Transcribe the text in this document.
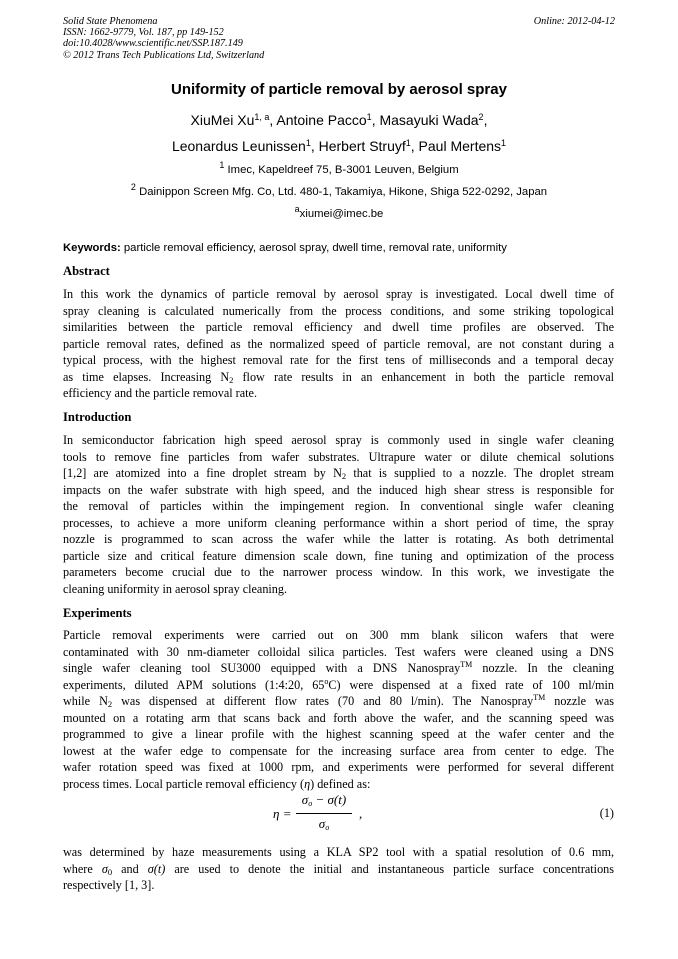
Solid State Phenomena
ISSN: 1662-9779, Vol. 187, pp 149-152
doi:10.4028/www.scientific.net/SSP.187.149
© 2012 Trans Tech Publications Ltd, Switzerland
Online: 2012-04-12
Uniformity of particle removal by aerosol spray
XiuMei Xu$^{1, a}$, Antoine Pacco$^1$, Masayuki Wada$^2$,
Leonardus Leunissen$^1$, Herbert Struyf$^1$, Paul Mertens$^1$
$^1$ Imec, Kapeldreef 75, B-3001 Leuven, Belgium
$^2$ Dainippon Screen Mfg. Co, Ltd. 480-1, Takamiya, Hikone, Shiga 522-0292, Japan
$^a$xiumei@imec.be
Keywords: particle removal efficiency, aerosol spray, dwell time, removal rate, uniformity
Abstract
In this work the dynamics of particle removal by aerosol spray is investigated. Local dwell time of
spray cleaning is calculated numerically from the process conditions, and some striking topological
similarities between the particle removal efficiency and dwell time profiles are observed. The
particle removal rates, defined as the normalized speed of particle removal, are not constant during a
typical process, with the highest removal rate for the first tens of milliseconds and a temporal decay
as time elapses. Increasing $N_2$ flow rate results in an enhancement in both the particle removal
efficiency and the particle removal rate.
Introduction
In semiconductor fabrication high speed aerosol spray is commonly used in single wafer cleaning
tools to remove fine particles from wafer substrates. Ultrapure water or dilute chemical solutions
[1,2] are atomized into a fine droplet stream by $N_2$ that is supplied to a nozzle. The droplet stream
impacts on the wafer substrate with high speed, and the induced high shear stress is responsible for
the removal of particles within the impingement region. In conventional single wafer cleaning
processes, to achieve a more uniform cleaning performance within a short period of time, the spray
nozzle is programmed to scan across the wafer while the latter is rotating. As both detrimental
particle size and critical feature dimension scale down, fine tuning and optimization of the process
parameters become crucial due to the narrower process window. In this work, we investigate the
cleaning uniformity in aerosol spray cleaning.
Experiments
Particle removal experiments were carried out on 300 mm blank silicon wafers that were
contaminated with 30 nm-diameter colloidal silica particles. Test wafers were cleaned using a DNS
single wafer cleaning tool SU3000 equipped with a DNS Nanospray™ nozzle. In the cleaning
experiments, diluted APM solutions (1:4:20, 65$^o$C) were dispensed at a fixed rate of 100 ml/min
while $N_2$ was dispensed at different flow rates (70 and 80 l/min). The Nanospray™ nozzle was
mounted on a rotating arm that scans back and forth above the wafer, and the scanning speed was
programmed to give a linear profile with the highest scanning speed at the wafer center and the
lowest at the wafer edge to compensate for the increasing surface area from center to edge. The
wafer rotation speed was fixed at 1000 rpm, and experiments were performed for several different
process times. Local particle removal efficiency (η) defined as:
η =
$\sigma_o - \sigma(t)$
$\sigma_o$
,	(1)
was determined by haze measurements using a KLA SP2 tool with a spatial resolution of 0.6 mm,
where $\sigma_0$ and σ(t) are used to denote the initial and instantaneous particle surface concentrations
respectively [1, 3].
